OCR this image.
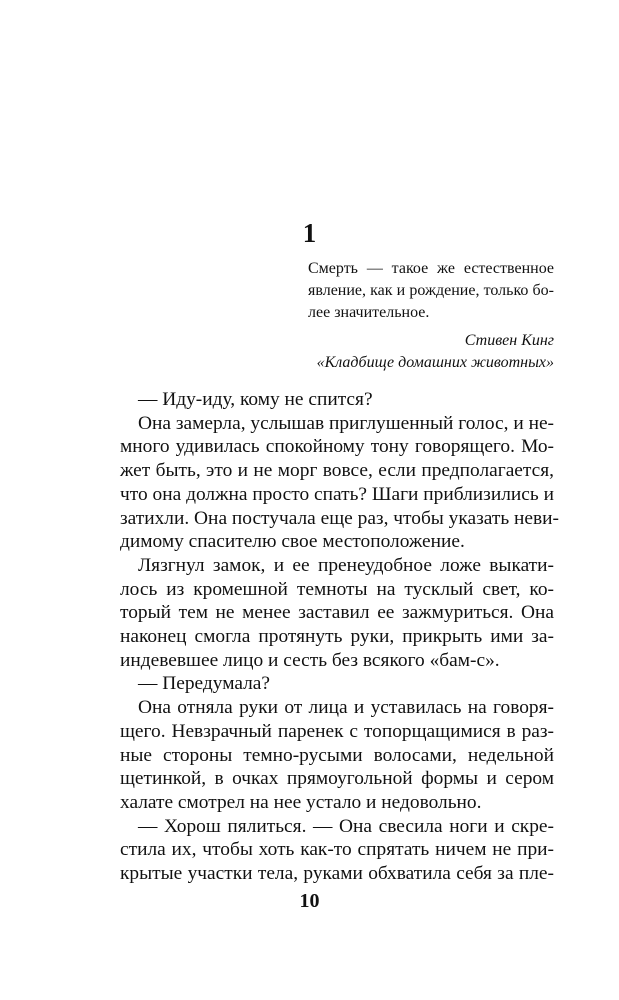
1
Смерть — такое же естественное
явление, как и рождение, только бо-
лее значительное.
Стивен Кинг
«Кладбище домашних животных»
— Иду-иду, кому не спится?
Она замерла, услышав приглушенный голос, и не-
много удивилась спокойному тону говорящего. Мо-
жет быть, это и не морг вовсе, если предполагается,
что она должна просто спать? Шаги приблизились и
затихли. Она постучала еще раз, чтобы указать неви-
димому спасителю свое местоположение.
Лязгнул замок, и ее пренеудобное ложе выкати-
лось из кромешной темноты на тусклый свет, ко-
торый тем не менее заставил ее зажмуриться. Она
наконец смогла протянуть руки, прикрыть ими за-
индевевшее лицо и сесть без всякого «бам-с».
— Передумала?
Она отняла руки от лица и уставилась на говоря-
щего. Невзрачный паренек с топорщащимися в раз-
ные стороны темно-русыми волосами, недельной
щетинкой, в очках прямоугольной формы и сером
халате смотрел на нее устало и недовольно.
— Хорош пялиться. — Она свесила ноги и скре-
стила их, чтобы хоть как-то спрятать ничем не при-
крытые участки тела, руками обхватила себя за пле-
10
